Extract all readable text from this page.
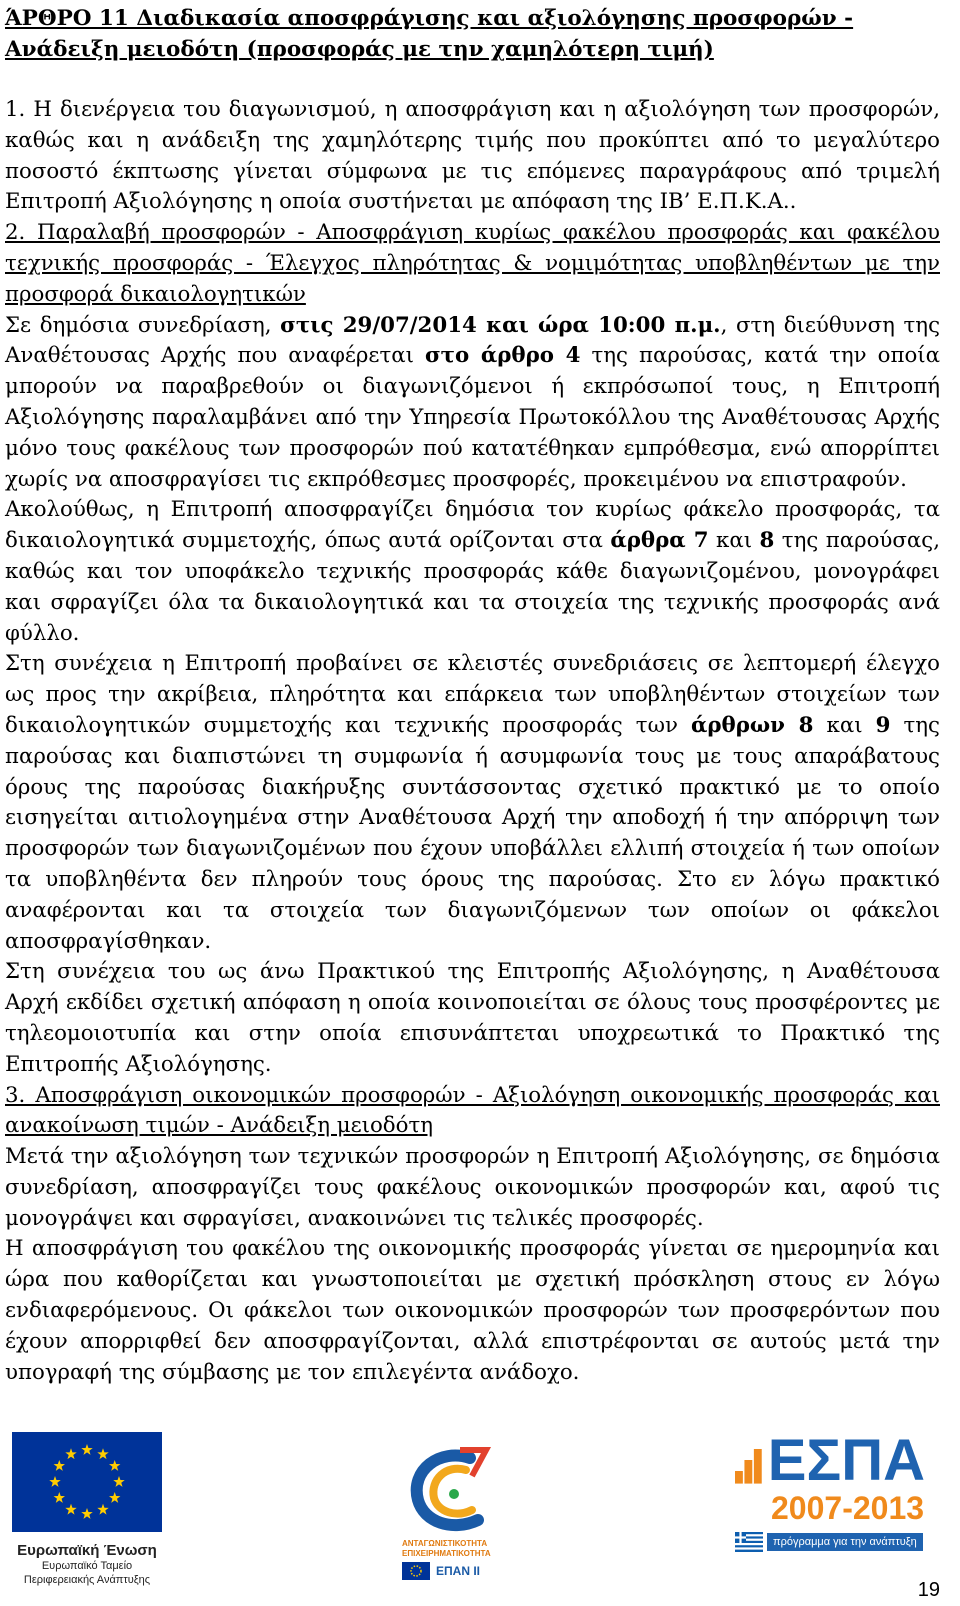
ΆΡΘΡΟ 11 Διαδικασία αποσφράγισης και αξιολόγησης προσφορών - Ανάδειξη μειοδότη (προσφοράς με την χαμηλότερη τιμή)

1. Η διενέργεια του διαγωνισμού, η αποσφράγιση και η αξιολόγηση των προσφορών, καθώς και η ανάδειξη της χαμηλότερης τιμής που προκύπτει από το μεγαλύτερο ποσοστό έκπτωσης γίνεται σύμφωνα με τις επόμενες παραγράφους από τριμελή Επιτροπή Αξιολόγησης η οποία συστήνεται με απόφαση της ΙΒ’ Ε.Π.Κ.Α..

2. Παραλαβή προσφορών - Αποσφράγιση κυρίως φακέλου προσφοράς και φακέλου τεχνικής προσφοράς - Έλεγχος πληρότητας & νομιμότητας υποβληθέντων με την προσφορά δικαιολογητικών

Σε δημόσια συνεδρίαση, στις 29/07/2014 και ώρα 10:00 π.μ., στη διεύθυνση της Αναθέτουσας Αρχής που αναφέρεται στο άρθρο 4 της παρούσας, κατά την οποία μπορούν να παραβρεθούν οι διαγωνιζόμενοι ή εκπρόσωποί τους, η Επιτροπή Αξιολόγησης παραλαμβάνει από την Υπηρεσία Πρωτοκόλλου της Αναθέτουσας Αρχής μόνο τους φακέλους των προσφορών πού κατατέθηκαν εμπρόθεσμα, ενώ απορρίπτει χωρίς να αποσφραγίσει τις εκπρόθεσμες προσφορές, προκειμένου να επιστραφούν.

Ακολούθως, η Επιτροπή αποσφραγίζει δημόσια τον κυρίως φάκελο προσφοράς, τα δικαιολογητικά συμμετοχής, όπως αυτά ορίζονται στα άρθρα 7 και 8 της παρούσας, καθώς και τον υποφάκελο τεχνικής προσφοράς κάθε διαγωνιζομένου, μονογράφει και σφραγίζει όλα τα δικαιολογητικά και τα στοιχεία της τεχνικής προσφοράς ανά φύλλο.

Στη συνέχεια η Επιτροπή προβαίνει σε κλειστές συνεδριάσεις σε λεπτομερή έλεγχο ως προς την ακρίβεια, πληρότητα και επάρκεια των υποβληθέντων στοιχείων των δικαιολογητικών συμμετοχής και τεχνικής προσφοράς των άρθρων 8 και 9 της παρούσας και διαπιστώνει τη συμφωνία ή ασυμφωνία τους με τους απαράβατους όρους της παρούσας διακήρυξης συντάσσοντας σχετικό πρακτικό με το οποίο εισηγείται αιτιολογημένα στην Αναθέτουσα Αρχή την αποδοχή ή την απόρριψη των προσφορών των διαγωνιζομένων που έχουν υποβάλλει ελλιπή στοιχεία ή των οποίων τα υποβληθέντα δεν πληρούν τους όρους της παρούσας. Στο εν λόγω πρακτικό αναφέρονται και τα στοιχεία των διαγωνιζόμενων των οποίων οι φάκελοι αποσφραγίσθηκαν.

Στη συνέχεια του ως άνω Πρακτικού της Επιτροπής Αξιολόγησης, η Αναθέτουσα Αρχή εκδίδει σχετική απόφαση η οποία κοινοποιείται σε όλους τους προσφέροντες με τηλεομοιοτυπία και στην οποία επισυνάπτεται υποχρεωτικά το Πρακτικό της Επιτροπής Αξιολόγησης.

3. Αποσφράγιση οικονομικών προσφορών - Αξιολόγηση οικονομικής προσφοράς και ανακοίνωση τιμών - Ανάδειξη μειοδότη

Μετά την αξιολόγηση των τεχνικών προσφορών η Επιτροπή Αξιολόγησης, σε δημόσια συνεδρίαση, αποσφραγίζει τους φακέλους οικονομικών προσφορών και, αφού τις μονογράψει και σφραγίσει, ανακοινώνει τις τελικές προσφορές.

Η αποσφράγιση του φακέλου της οικονομικής προσφοράς γίνεται σε ημερομηνία και ώρα που καθορίζεται και γνωστοποιείται με σχετική πρόσκληση στους εν λόγω ενδιαφερόμενους. Οι φάκελοι των οικονομικών προσφορών των προσφερόντων που έχουν απορριφθεί δεν αποσφραγίζονται, αλλά επιστρέφονται σε αυτούς μετά την υπογραφή της σύμβασης με τον επιλεγέντα ανάδοχο.

Ευρωπαϊκή Ένωση
Ευρωπαϊκό Ταμείο
Περιφερειακής Ανάπτυξης
ΑΝΤΑΓΩΝΙΣΤΙΚΟΤΗΤΑ
ΕΠΙΧΕΙΡΗΜΑΤΙΚΟΤΗΤΑ
ΕΠΑΝ ΙΙ
ΕΣΠΑ
2007-2013
πρόγραμμα για την ανάπτυξη
19
